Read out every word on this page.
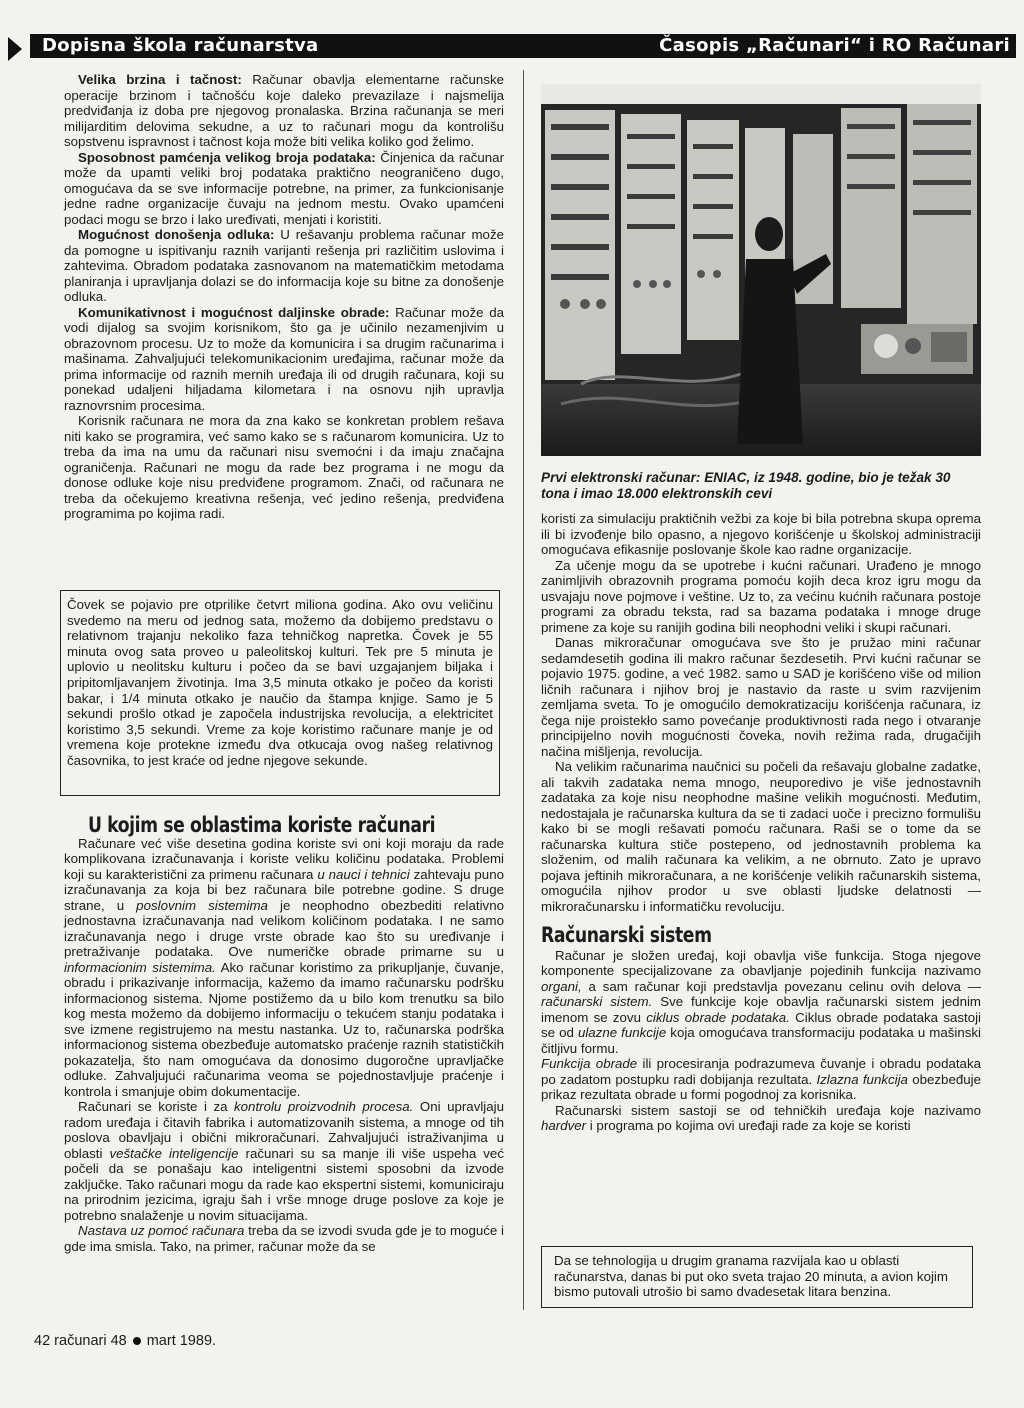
Dopisna škola računarstva	Časopis „Računari“ i RO Računari

Velika brzina i tačnost: Računar obavlja elementarne računske operacije brzinom i tačnošću koje daleko prevazilaze i najsmelija predviđanja iz doba pre njegovog pronalaska. Brzina računanja se meri milijarditim delovima sekudne, a uz to računari mogu da kontrolišu sopstvenu ispravnost i tačnost koja može biti velika koliko god želimo.

Sposobnost pamćenja velikog broja podataka: Činjenica da računar može da upamti veliki broj podataka praktično neograničeno dugo, omogućava da se sve informacije potrebne, na primer, za funkcionisanje jedne radne organizacije čuvaju na jednom mestu. Ovako upamćeni podaci mogu se brzo i lako uređivati, menjati i koristiti.

Mogućnost donošenja odluka: U rešavanju problema računar može da pomogne u ispitivanju raznih varijanti rešenja pri različitim uslovima i zahtevima. Obradom podataka zasnovanom na matematičkim metodama planiranja i upravljanja dolazi se do informacija koje su bitne za donošenje odluka.

Komunikativnost i mogućnost daljinske obrade: Računar može da vodi dijalog sa svojim korisnikom, što ga je učinilo nezamenjivim u obrazovnom procesu. Uz to može da komunicira i sa drugim računarima i mašinama. Zahvaljujući telekomunikacionim uređajima, računar može da prima informacije od raznih mernih uređaja ili od drugih računara, koji su ponekad udaljeni hiljadama kilometara i na osnovu njih upravlja raznovrsnim procesima.

Korisnik računara ne mora da zna kako se konkretan problem rešava niti kako se programira, već samo kako se s računarom komunicira. Uz to treba da ima na umu da računari nisu svemoćni i da imaju značajna ograničenja. Računari ne mogu da rade bez programa i ne mogu da donose odluke koje nisu predviđene programom. Znači, od računara ne treba da očekujemo kreativna rešenja, već jedino rešenja, predviđena programima po kojima radi.

Čovek se pojavio pre otprilike četvrt miliona godina. Ako ovu veličinu svedemo na meru od jednog sata, možemo da dobijemo predstavu o relativnom trajanju nekoliko faza tehničkog napretka. Čovek je 55 minuta ovog sata proveo u paleolitskoj kulturi. Tek pre 5 minuta je uplovio u neolitsku kulturu i počeo da se bavi uzgajanjem biljaka i pripitomljavanjem životinja. Ima 3,5 minuta otkako je počeo da koristi bakar, i 1/4 minuta otkako je naučio da štampa knjige. Samo je 5 sekundi prošlo otkad je započela industrijska revolucija, a elektricitet koristimo 3,5 sekundi. Vreme za koje koristimo računare manje je od vremena koje protekne između dva otkucaja ovog našeg relativnog časovnika, to jest kraće od jedne njegove sekunde.
U kojim se oblastima koriste računari

Računare već više desetina godina koriste svi oni koji moraju da rade komplikovana izračunavanja i koriste veliku količinu podataka. Problemi koji su karakteristični za primenu računara u nauci i tehnici zahtevaju puno izračunavanja za koja bi bez računara bile potrebne godine. S druge strane, u poslovnim sistemima je neophodno obezbediti relativno jednostavna izračunavanja nad velikom količinom podataka. I ne samo izračunavanja nego i druge vrste obrade kao što su uređivanje i pretraživanje podataka. Ove numeričke obrade primarne su u informacionim sistemima. Ako računar koristimo za prikupljanje, čuvanje, obradu i prikazivanje informacija, kažemo da imamo računarsku podršku informacionog sistema. Njome postižemo da u bilo kom trenutku sa bilo kog mesta možemo da dobijemo informaciju o tekućem stanju podataka i sve izmene registrujemo na mestu nastanka. Uz to, računarska podrška informacionog sistema obezbeđuje automatsko praćenje raznih statističkih pokazatelja, što nam omogućava da donosimo dugoročne upravljačke odluke. Zahvaljujući računarima veoma se pojednostavljuje praćenje i kontrola i smanjuje obim dokumentacije.

Računari se koriste i za kontrolu proizvodnih procesa. Oni upravljaju radom uređaja i čitavih fabrika i automatizovanih sistema, a mnoge od tih poslova obavljaju i obični mikroračunari. Zahvaljujući istraživanjima u oblasti veštačke inteligencije računari su sa manje ili više uspeha već počeli da se ponašaju kao inteligentni sistemi sposobni da izvode zaključke. Tako računari mogu da rade kao ekspertni sistemi, komuniciraju na prirodnim jezicima, igraju šah i vrše mnoge druge poslove za koje je potrebno snalaženje u novim situacijama.

Nastava uz pomoć računara treba da se izvodi svuda gde je to moguće i gde ima smisla. Tako, na primer, računar može da se

Prvi elektronski računar: ENIAC, iz 1948. godine, bio je težak 30 tona i imao 18.000 elektronskih cevi

koristi za simulaciju praktičnih vežbi za koje bi bila potrebna skupa oprema ili bi izvođenje bilo opasno, a njegovo korišćenje u školskoj administraciji omogućava efikasnije poslovanje škole kao radne organizacije.

Za učenje mogu da se upotrebe i kućni računari. Urađeno je mnogo zanimljivih obrazovnih programa pomoću kojih deca kroz igru mogu da usvajaju nove pojmove i veštine. Uz to, za većinu kućnih računara postoje programi za obradu teksta, rad sa bazama podataka i mnoge druge primene za koje su ranijih godina bili neophodni veliki i skupi računari.

Danas mikroračunar omogućava sve što je pružao mini računar sedamdesetih godina ili makro računar šezdesetih. Prvi kućni računar se pojavio 1975. godine, a već 1982. samo u SAD je korišćeno više od milion ličnih računara i njihov broj je nastavio da raste u svim razvijenim zemljama sveta. To je omogućilo demokratizaciju korišćenja računara, iz čega nije proistekło samo povećanje produktivnosti rada nego i otvaranje principijelno novih mogućnosti čoveka, novih režima rada, drugačijih načina mišljenja, revolucija.

Na velikim računarima naučnici su počeli da rešavaju globalne zadatke, ali takvih zadataka nema mnogo, neuporedivo je više jednostavnih zadataka za koje nisu neophodne mašine velikih mogućnosti. Međutim, nedostajala je računarska kultura da se ti zadaci uoče i precizno formulišu kako bi se mogli rešavati pomoću računara. Raši se o tome da se računarska kultura stiče postepeno, od jednostavnih problema ka složenim, od malih računara ka velikim, a ne obrnuto. Zato je upravo pojava jeftinih mikroračunara, a ne korišćenje velikih računarskih sistema, omogućila njihov prodor u sve oblasti ljudske delatnosti — mikroračunarsku i informatičku revoluciju.

Računarski sistem

Računar je složen uređaj, koji obavlja više funkcija. Stoga njegove komponente specijalizovane za obavljanje pojedinih funkcija nazivamo organi, a sam računar koji predstavlja povezanu celinu ovih delova — računarski sistem. Sve funkcije koje obavlja računarski sistem jednim imenom se zovu ciklus obrade podataka. Ciklus obrade podataka sastoji se od ulazne funkcije koja omogućava transformaciju podataka u mašinski čitljivu formu.

Funkcija obrade ili procesiranja podrazumeva čuvanje i obradu podataka po zadatom postupku radi dobijanja rezultata. Izlazna funkcija obezbeđuje prikaz rezultata obrade u formi pogodnoj za korisnika.

Računarski sistem sastoji se od tehničkih uređaja koje nazivamo hardver i programa po kojima ovi uređaji rade za koje se koristi

Da se tehnologija u drugim granama razvijala kao u oblasti računarstva, danas bi put oko sveta trajao 20 minuta, a avion kojim bismo putovali utrošio bi samo dvadesetak litara benzina.
42 računari 48 mart 1989.
